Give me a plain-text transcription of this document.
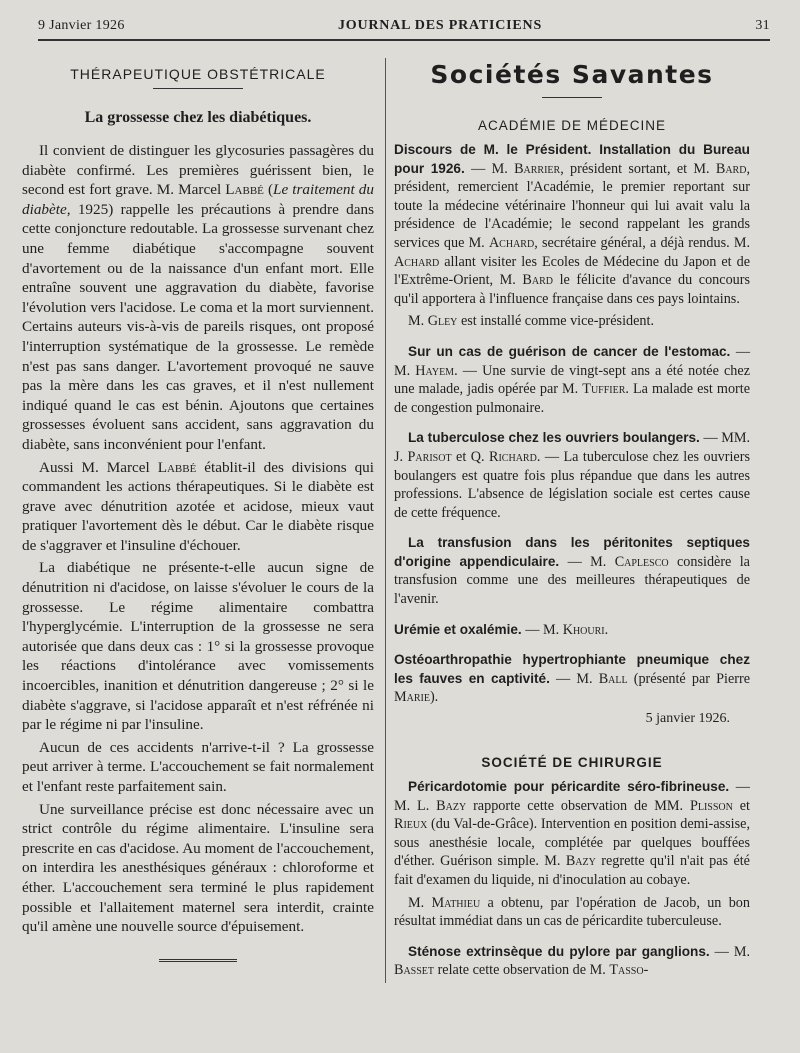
9 Janvier 1926	JOURNAL DES PRATICIENS	31
THÉRAPEUTIQUE OBSTÉTRICALE
La grossesse chez les diabétiques.

Il convient de distinguer les glycosuries passagères du diabète confirmé. Les premières guérissent bien, le second est fort grave. M. Marcel Labbé (Le traitement du diabète, 1925) rappelle les précautions à prendre dans cette conjoncture redoutable. La grossesse survenant chez une femme diabétique s'accompagne souvent d'avortement ou de la naissance d'un enfant mort. Elle entraîne souvent une aggravation du diabète, favorise l'évolution vers l'acidose. Le coma et la mort surviennent. Certains auteurs vis-à-vis de pareils risques, ont proposé l'interruption systématique de la grossesse. Le remède n'est pas sans danger. L'avortement provoqué ne sauve pas la mère dans les cas graves, et il n'est nullement indiqué quand le cas est bénin. Ajoutons que certaines grossesses évoluent sans accident, sans aggravation du diabète, sans inconvénient pour l'enfant.

Aussi M. Marcel Labbé établit-il des divisions qui commandent les actions thérapeutiques. Si le diabète est grave avec dénutrition azotée et acidose, mieux vaut pratiquer l'avortement dès le début. Car le diabète risque de s'aggraver et l'insuline d'échouer.

La diabétique ne présente-t-elle aucun signe de dénutrition ni d'acidose, on laisse s'évoluer le cours de la grossesse. Le régime alimentaire combattra l'hyperglycémie. L'interruption de la grossesse ne sera autorisée que dans deux cas : 1° si la grossesse provoque les réactions d'intolérance avec vomissements incoercibles, inanition et dénutrition dangereuse ; 2° si le diabète s'aggrave, si l'acidose apparaît et n'est réfrénée ni par le régime ni par l'insuline.

Aucun de ces accidents n'arrive-t-il ? La grossesse peut arriver à terme. L'accouchement se fait normalement et l'enfant reste parfaitement sain.

Une surveillance précise est donc nécessaire avec un strict contrôle du régime alimentaire. L'insuline sera prescrite en cas d'acidose. Au moment de l'accouchement, on interdira les anesthésiques généraux : chloroforme et éther. L'accouchement sera terminé le plus rapidement possible et l'allaitement maternel sera interdit, crainte qu'il amène une nouvelle source d'épuisement.

Sociétés Savantes
ACADÉMIE DE MÉDECINE

Discours de M. le Président. Installation du Bureau pour 1926. — M. Barrier, président sortant, et M. Bard, président, remercient l'Académie, le premier reportant sur toute la médecine vétérinaire l'honneur qui lui avait valu la présidence de l'Académie; le second rappelant les grands services que M. Achard, secrétaire général, a déjà rendus. M. Achard allant visiter les Ecoles de Médecine du Japon et de l'Extrême-Orient, M. Bard le félicite d'avance du concours qu'il apportera à l'influence française dans ces pays lointains.

M. Gley est installé comme vice-président.

Sur un cas de guérison de cancer de l'estomac. — M. Hayem. — Une survie de vingt-sept ans a été notée chez une malade, jadis opérée par M. Tuffier. La malade est morte de congestion pulmonaire.

La tuberculose chez les ouvriers boulangers. — MM. J. Parisot et Q. Richard. — La tuberculose chez les ouvriers boulangers est quatre fois plus répandue que dans les autres professions. L'absence de législation sociale est certes cause de cette fréquence.

La transfusion dans les péritonites septiques d'origine appendiculaire. — M. Caplesco considère la transfusion comme une des meilleures thérapeutiques de l'avenir.

Urémie et oxalémie. — M. Khouri.

Ostéoarthropathie hypertrophiante pneumique chez les fauves en captivité. — M. Ball (présenté par Pierre Marie).

5 janvier 1926.
SOCIÉTÉ DE CHIRURGIE

Péricardotomie pour péricardite séro-fibrineuse. — M. L. Bazy rapporte cette observation de MM. Plisson et Rieux (du Val-de-Grâce). Intervention en position demi-assise, sous anesthésie locale, complétée par quelques bouffées d'éther. Guérison simple. M. Bazy regrette qu'il n'ait pas été fait d'examen du liquide, ni d'inoculation au cobaye.

M. Mathieu a obtenu, par l'opération de Jacob, un bon résultat immédiat dans un cas de péricardite tuberculeuse.

Sténose extrinsèque du pylore par ganglions. — M. Basset relate cette observation de M. Tasso-
